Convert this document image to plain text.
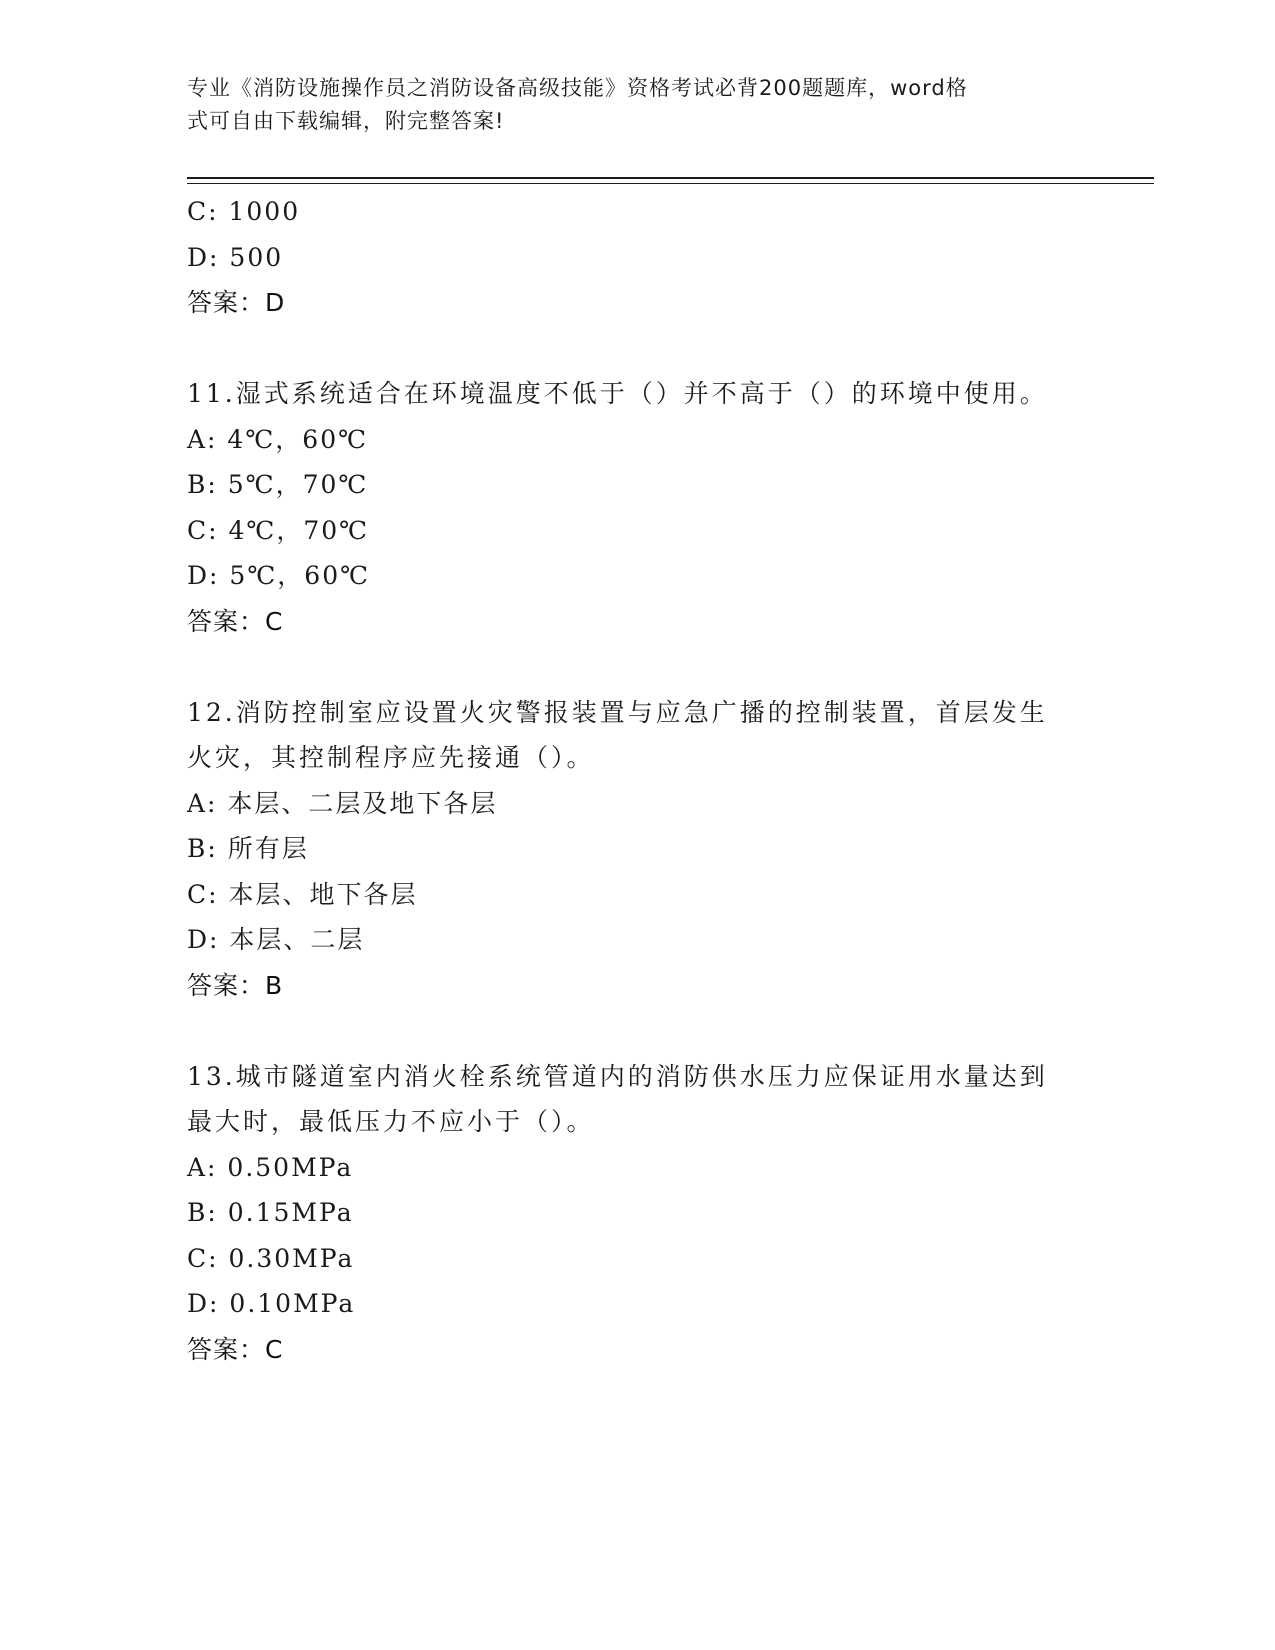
专业《消防设施操作员之消防设备高级技能》资格考试必背200题题库，word格
式可自由下载编辑，附完整答案!
C: 1000
D: 500
答案：D
11.湿式系统适合在环境温度不低于（）并不高于（）的环境中使用。
A: 4℃，60℃
B: 5℃，70℃
C: 4℃，70℃
D: 5℃，60℃
答案：C
12.消防控制室应设置火灾警报装置与应急广播的控制装置，首层发生
火灾，其控制程序应先接通（）。
A: 本层、二层及地下各层
B: 所有层
C: 本层、地下各层
D: 本层、二层
答案：B
13.城市隧道室内消火栓系统管道内的消防供水压力应保证用水量达到
最大时，最低压力不应小于（）。
A: 0.50MPa
B: 0.15MPa
C: 0.30MPa
D: 0.10MPa
答案：C
